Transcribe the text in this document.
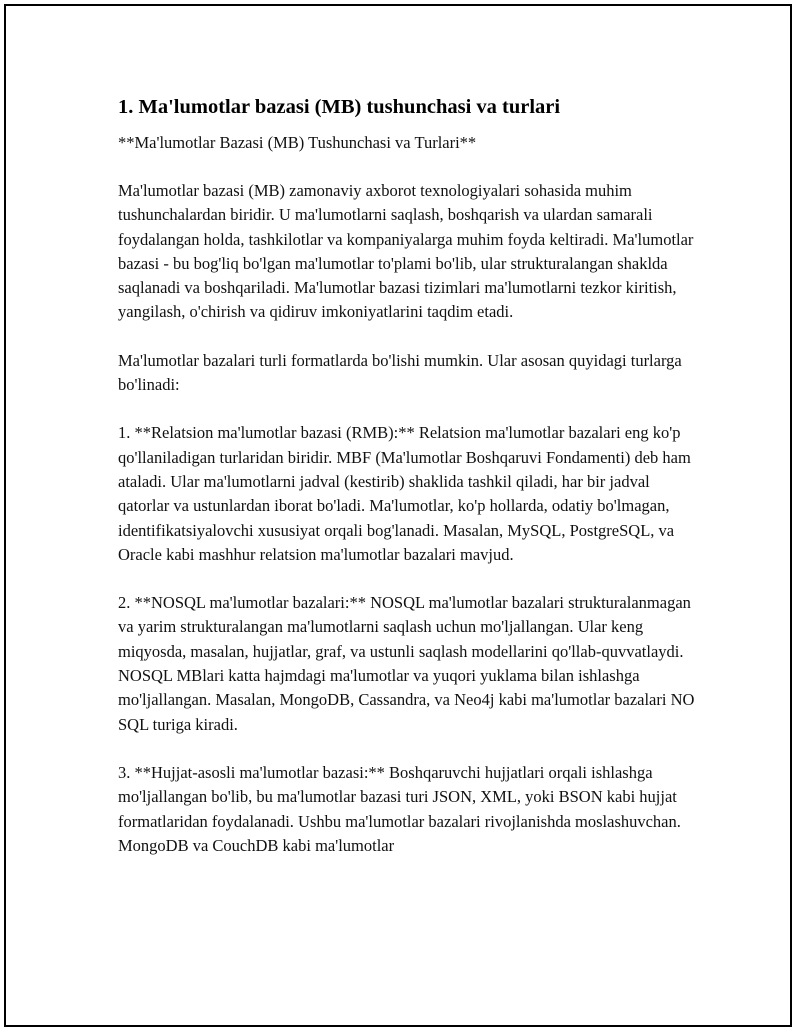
1. Ma'lumotlar bazasi (MB) tushunchasi va turlari

**Ma'lumotlar Bazasi (MB) Tushunchasi va Turlari**

Ma'lumotlar bazasi (MB) zamonaviy axborot texnologiyalari sohasida muhim tushunchalardan biridir. U ma'lumotlarni saqlash, boshqarish va ulardan samarali foydalangan holda, tashkilotlar va kompaniyalarga muhim foyda keltiradi. Ma'lumotlar bazasi - bu bog'liq bo'lgan ma'lumotlar to'plami bo'lib, ular strukturalangan shaklda saqlanadi va boshqariladi. Ma'lumotlar bazasi tizimlari ma'lumotlarni tezkor kiritish, yangilash, o'chirish va qidiruv imkoniyatlarini taqdim etadi.

Ma'lumotlar bazalari turli formatlarda bo'lishi mumkin. Ular asosan quyidagi turlarga bo'linadi:

1. **Relatsion ma'lumotlar bazasi (RMB):** Relatsion ma'lumotlar bazalari eng ko'p qo'llaniladigan turlaridan biridir. MBF (Ma'lumotlar Boshqaruvi Fondamenti) deb ham ataladi. Ular ma'lumotlarni jadval (kestirib) shaklida tashkil qiladi, har bir jadval qatorlar va ustunlardan iborat bo'ladi. Ma'lumotlar, ko'p hollarda, odatiy bo'lmagan, identifikatsiyalovchi xususiyat orqali bog'lanadi. Masalan, MySQL, PostgreSQL, va Oracle kabi mashhur relatsion ma'lumotlar bazalari mavjud.

2. **NOSQL ma'lumotlar bazalari:** NOSQL ma'lumotlar bazalari strukturalanmagan va yarim strukturalangan ma'lumotlarni saqlash uchun mo'ljallangan. Ular keng miqyosda, masalan, hujjatlar, graf, va ustunli saqlash modellarini qo'llab-quvvatlaydi. NOSQL MBlari katta hajmdagi ma'lumotlar va yuqori yuklama bilan ishlashga mo'ljallangan. Masalan, MongoDB, Cassandra, va Neo4j kabi ma'lumotlar bazalari NO SQL turiga kiradi.

3. **Hujjat-asosli ma'lumotlar bazasi:** Boshqaruvchi hujjatlari orqali ishlashga mo'ljallangan bo'lib, bu ma'lumotlar bazasi turi JSON, XML, yoki BSON kabi hujjat formatlaridan foydalanadi. Ushbu ma'lumotlar bazalari rivojlanishda moslashuvchan. MongoDB va CouchDB kabi ma'lumotlar
